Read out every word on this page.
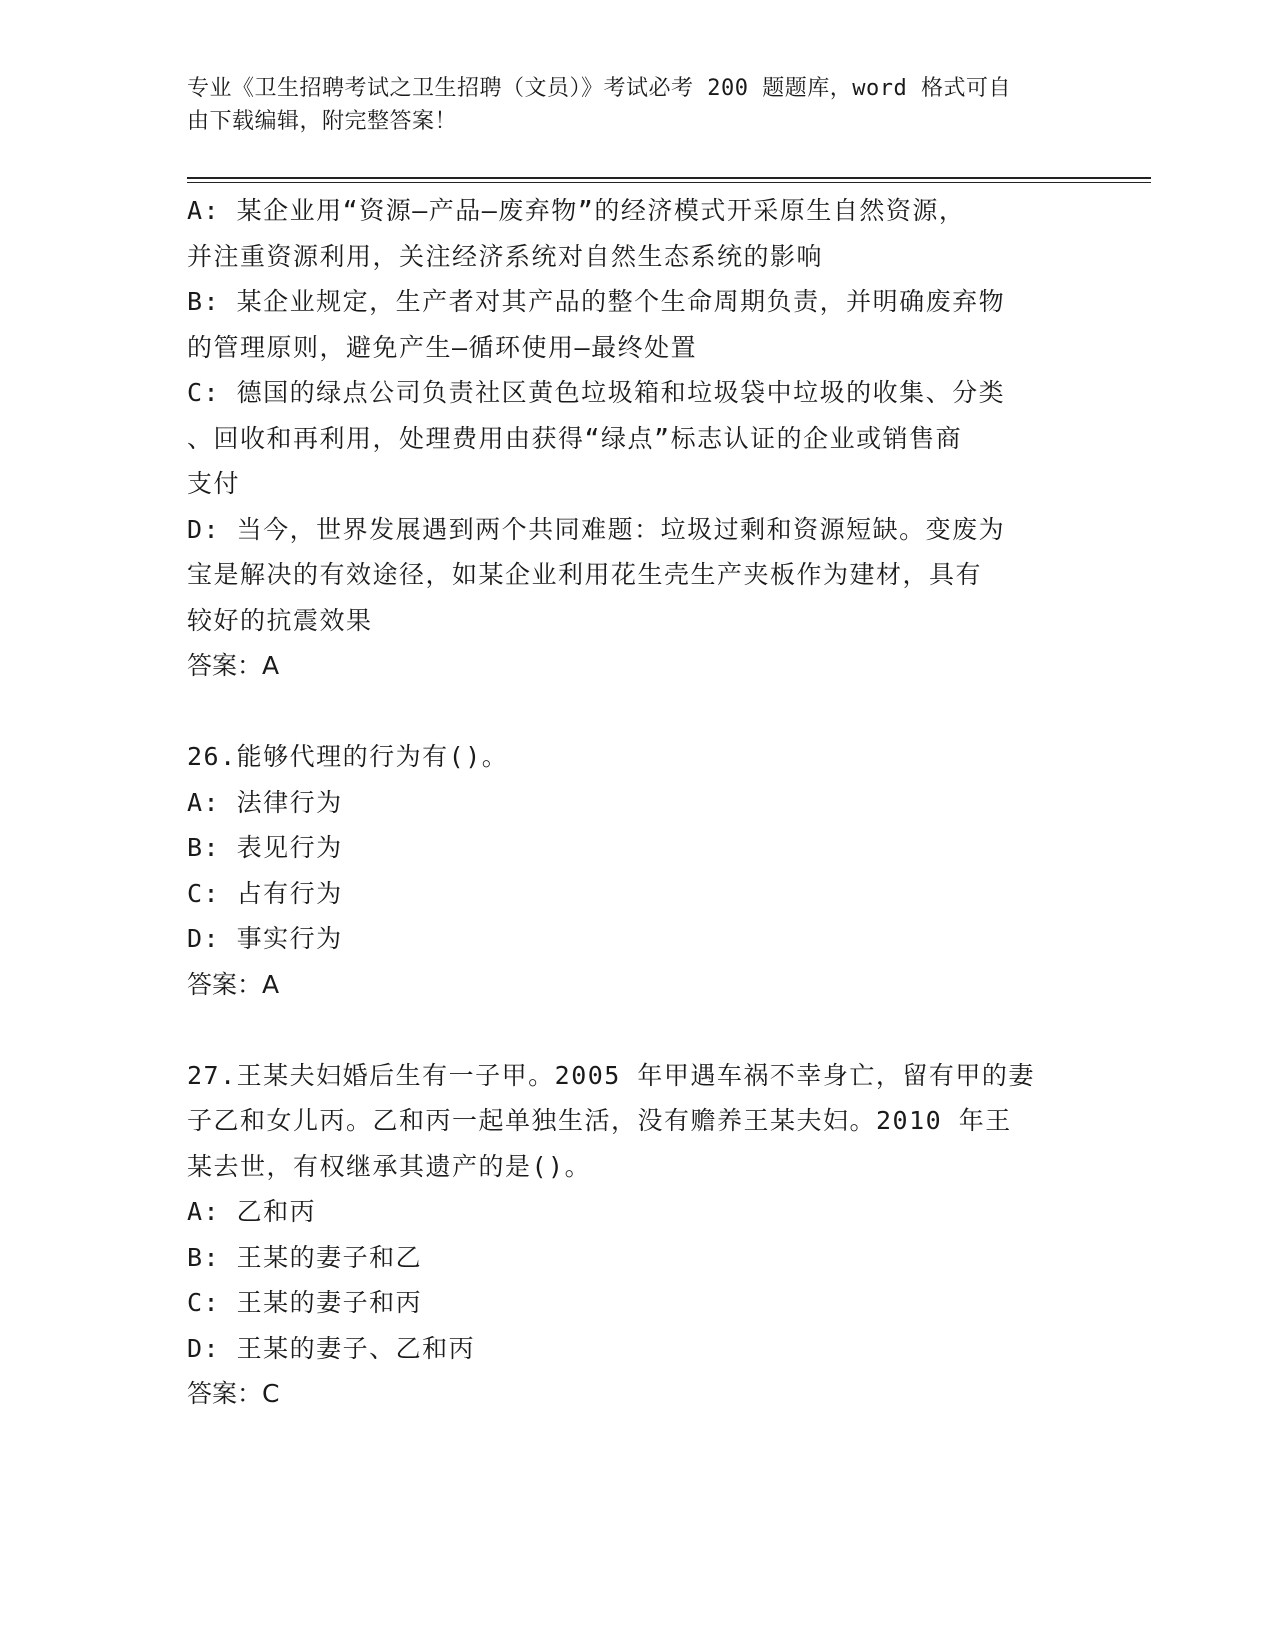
专业《卫生招聘考试之卫生招聘（文员）》考试必考 200 题题库，word 格式可自
由下载编辑，附完整答案！
A: 某企业用“资源—产品—废弃物”的经济模式开采原生自然资源，
并注重资源利用，关注经济系统对自然生态系统的影响
B: 某企业规定，生产者对其产品的整个生命周期负责，并明确废弃物
的管理原则，避免产生—循环使用—最终处置
C: 德国的绿点公司负责社区黄色垃圾箱和垃圾袋中垃圾的收集、分类
、回收和再利用，处理费用由获得“绿点”标志认证的企业或销售商
支付
D: 当今，世界发展遇到两个共同难题：垃圾过剩和资源短缺。变废为
宝是解决的有效途径，如某企业利用花生壳生产夹板作为建材，具有
较好的抗震效果
答案：A
26.能够代理的行为有()。
A: 法律行为
B: 表见行为
C: 占有行为
D: 事实行为
答案：A
27.王某夫妇婚后生有一子甲。2005 年甲遇车祸不幸身亡，留有甲的妻
子乙和女儿丙。乙和丙一起单独生活，没有赡养王某夫妇。2010 年王
某去世，有权继承其遗产的是()。
A: 乙和丙
B: 王某的妻子和乙
C: 王某的妻子和丙
D: 王某的妻子、乙和丙
答案：C
